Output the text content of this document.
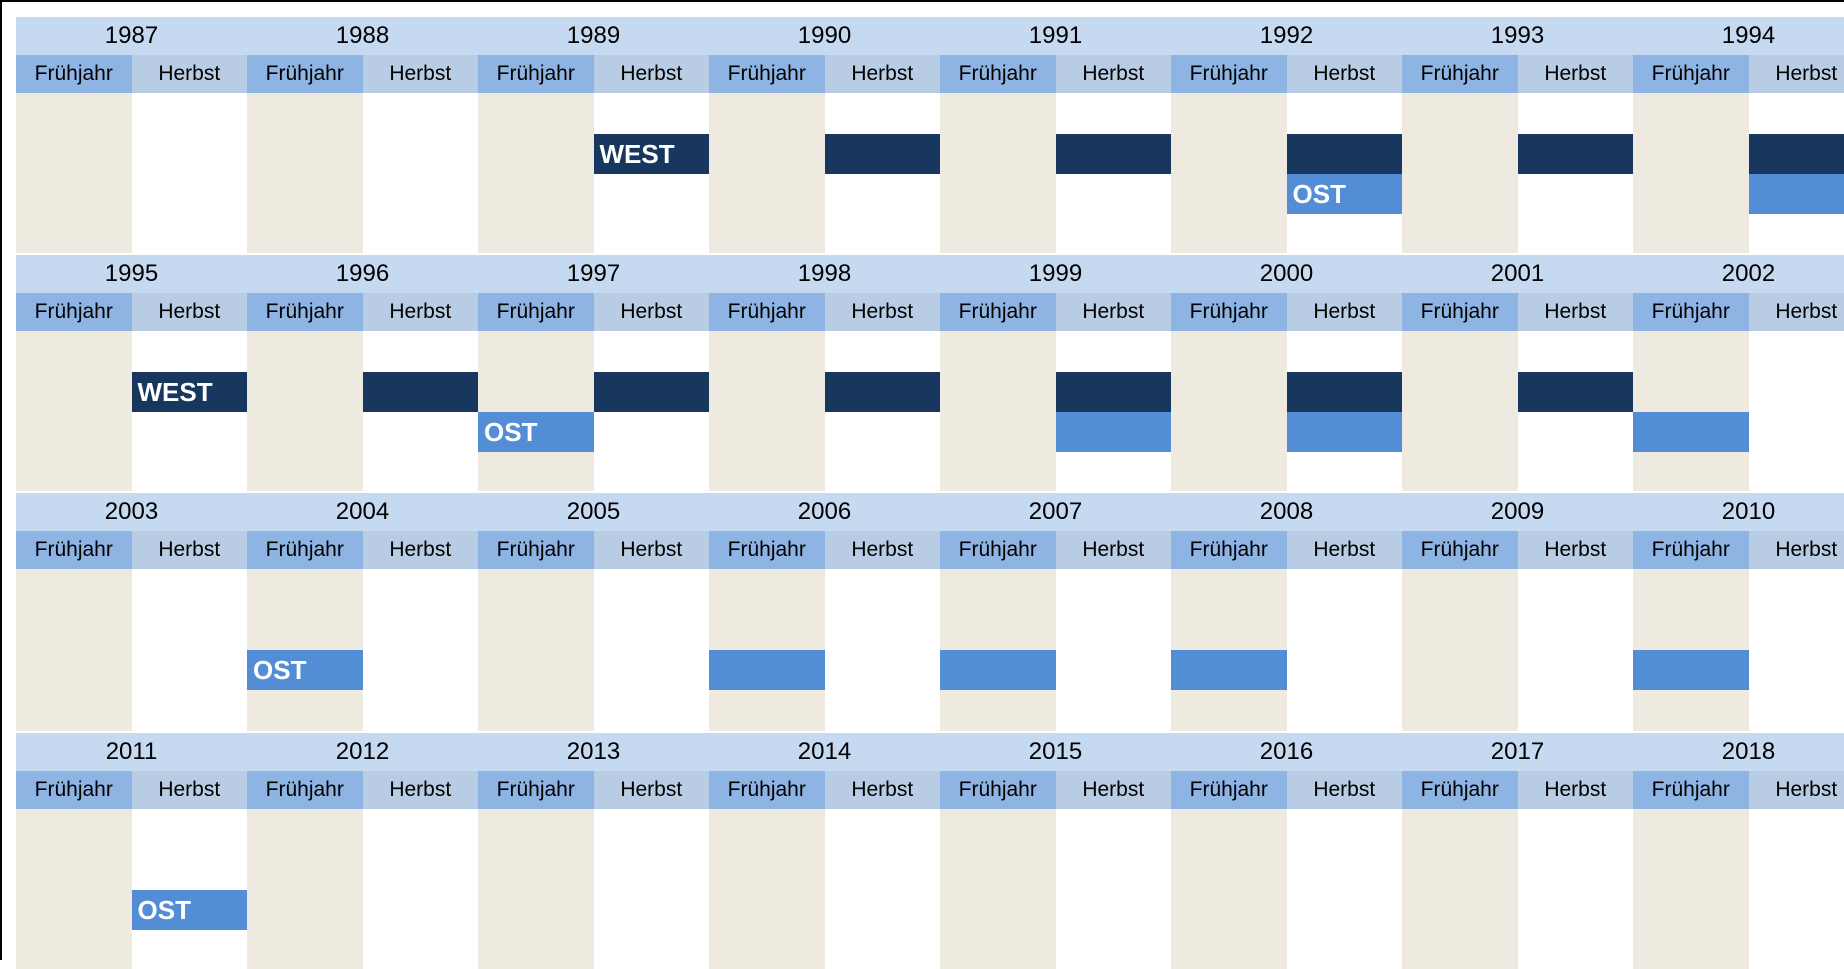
1987
Frühjahr	Herbst
1988
Frühjahr	Herbst
1989
Frühjahr	Herbst
1990
Frühjahr	Herbst
1991
Frühjahr	Herbst
1992
Frühjahr	Herbst
1993
Frühjahr	Herbst
1994
Frühjahr	Herbst
1995
Frühjahr	Herbst
1996
Frühjahr	Herbst
1997
Frühjahr	Herbst
1998
Frühjahr	Herbst
1999
Frühjahr	Herbst
2000
Frühjahr	Herbst
2001
Frühjahr	Herbst
2002
Frühjahr	Herbst
2003
Frühjahr	Herbst
2004
Frühjahr	Herbst
2005
Frühjahr	Herbst
2006
Frühjahr	Herbst
2007
Frühjahr	Herbst
2008
Frühjahr	Herbst
2009
Frühjahr	Herbst
2010
Frühjahr	Herbst
2011
Frühjahr	Herbst
2012
Frühjahr	Herbst
2013
Frühjahr	Herbst
2014
Frühjahr	Herbst
2015
Frühjahr	Herbst
2016
Frühjahr	Herbst
2017
Frühjahr	Herbst
2018
Frühjahr	Herbst
WEST
WEST
OST
OST
OST
OST
